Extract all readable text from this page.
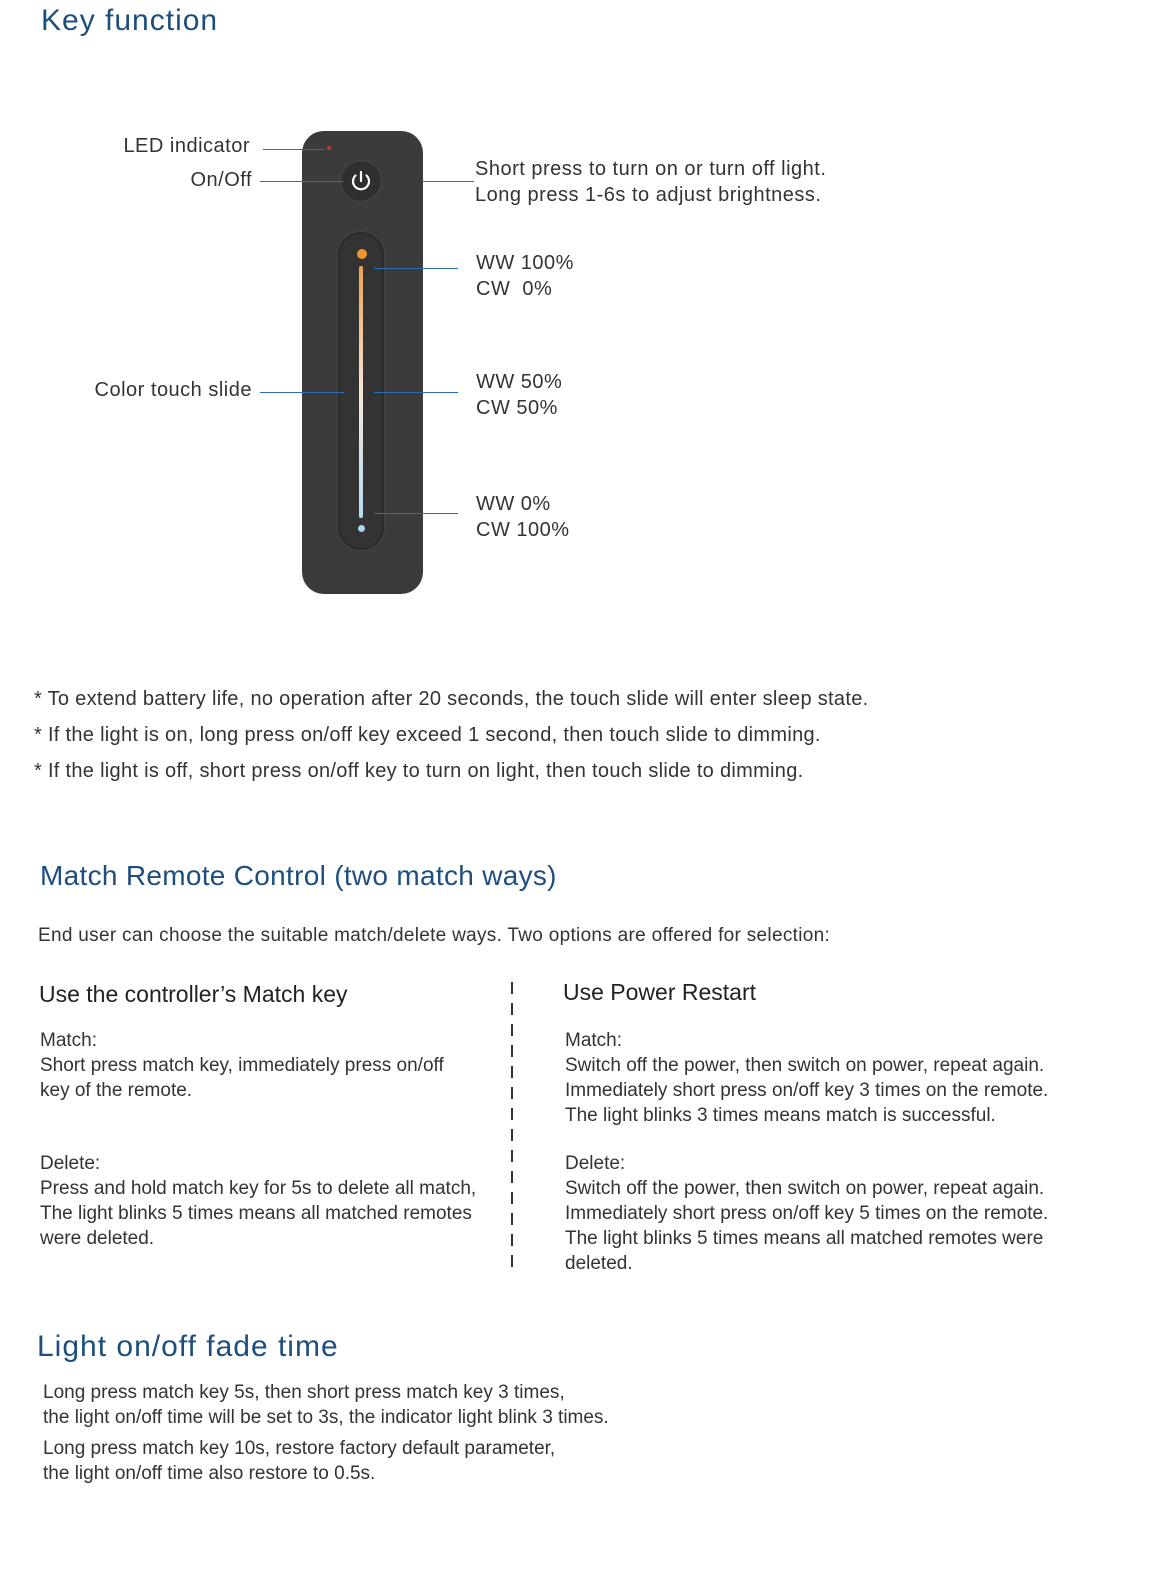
Key function
LED indicator
On/Off
Color touch slide
Short press to turn on or turn off light.
Long press 1-6s to adjust brightness.
WW 100%
CW  0%
WW 50%
CW 50%
WW 0%
CW 100%
* To extend battery life, no operation after 20 seconds, the touch slide will enter sleep state.
* If the light is on, long press on/off key exceed 1 second, then touch slide to dimming.
* If the light is off, short press on/off key to turn on light, then touch slide to dimming.
Match Remote Control (two match ways)
End user can choose the suitable match/delete ways. Two options are offered for selection:
Use the controller’s Match key
Match:
Short press match key, immediately press on/off
key of the remote.
Delete:
Press and hold match key for 5s to delete all match,
The light blinks 5 times means all matched remotes
were deleted.
Use Power Restart
Match:
Switch off the power, then switch on power, repeat again.
Immediately short press on/off key 3 times on the remote.
The light blinks 3 times means match is successful.
Delete:
Switch off the power, then switch on power, repeat again.
Immediately short press on/off key 5 times on the remote.
The light blinks 5 times means all matched remotes were
deleted.
Light on/off fade time
Long press match key 5s, then short press match key 3 times,
the light on/off time will be set to 3s, the indicator light blink 3 times.
Long press match key 10s, restore factory default parameter,
the light on/off time also restore to 0.5s.
